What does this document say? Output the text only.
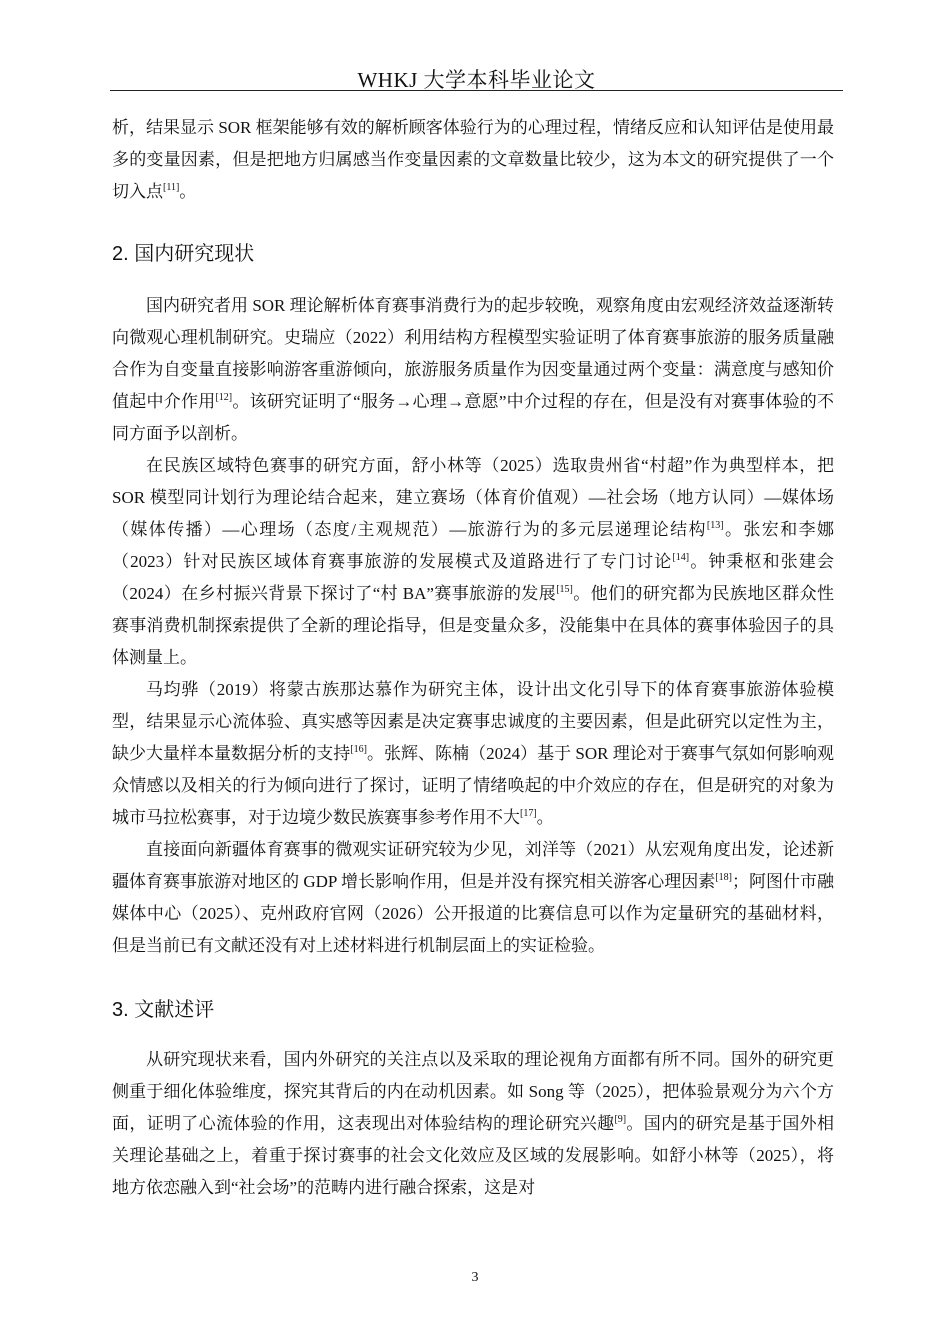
WHKJ 大学本科毕业论文

析，结果显示 SOR 框架能够有效的解析顾客体验行为的心理过程，情绪反应和认知评估是使用最多的变量因素，但是把地方归属感当作变量因素的文章数量比较少，这为本文的研究提供了一个切入点[11]。

2. 国内研究现状

国内研究者用 SOR 理论解析体育赛事消费行为的起步较晚，观察角度由宏观经济效益逐渐转向微观心理机制研究。史瑞应（2022）利用结构方程模型实验证明了体育赛事旅游的服务质量融合作为自变量直接影响游客重游倾向，旅游服务质量作为因变量通过两个变量：满意度与感知价值起中介作用[12]。该研究证明了“服务→心理→意愿”中介过程的存在，但是没有对赛事体验的不同方面予以剖析。

在民族区域特色赛事的研究方面，舒小林等（2025）选取贵州省“村超”作为典型样本，把 SOR 模型同计划行为理论结合起来，建立赛场（体育价值观）—社会场（地方认同）—媒体场（媒体传播）—心理场（态度/主观规范）—旅游行为的多元层递理论结构[13]。张宏和李娜（2023）针对民族区域体育赛事旅游的发展模式及道路进行了专门讨论[14]。钟秉枢和张建会（2024）在乡村振兴背景下探讨了“村 BA”赛事旅游的发展[15]。他们的研究都为民族地区群众性赛事消费机制探索提供了全新的理论指导，但是变量众多，没能集中在具体的赛事体验因子的具体测量上。

马均骅（2019）将蒙古族那达慕作为研究主体，设计出文化引导下的体育赛事旅游体验模型，结果显示心流体验、真实感等因素是决定赛事忠诚度的主要因素，但是此研究以定性为主，缺少大量样本量数据分析的支持[16]。张辉、陈楠（2024）基于 SOR 理论对于赛事气氛如何影响观众情感以及相关的行为倾向进行了探讨，证明了情绪唤起的中介效应的存在，但是研究的对象为城市马拉松赛事，对于边境少数民族赛事参考作用不大[17]。

直接面向新疆体育赛事的微观实证研究较为少见，刘洋等（2021）从宏观角度出发，论述新疆体育赛事旅游对地区的 GDP 增长影响作用，但是并没有探究相关游客心理因素[18]；阿图什市融媒体中心（2025）、克州政府官网（2026）公开报道的比赛信息可以作为定量研究的基础材料，但是当前已有文献还没有对上述材料进行机制层面上的实证检验。

3. 文献述评

从研究现状来看，国内外研究的关注点以及采取的理论视角方面都有所不同。国外的研究更侧重于细化体验维度，探究其背后的内在动机因素。如 Song 等（2025），把体验景观分为六个方面，证明了心流体验的作用，这表现出对体验结构的理论研究兴趣[9]。国内的研究是基于国外相关理论基础之上，着重于探讨赛事的社会文化效应及区域的发展影响。如舒小林等（2025），将地方依恋融入到“社会场”的范畴内进行融合探索，这是对

3
